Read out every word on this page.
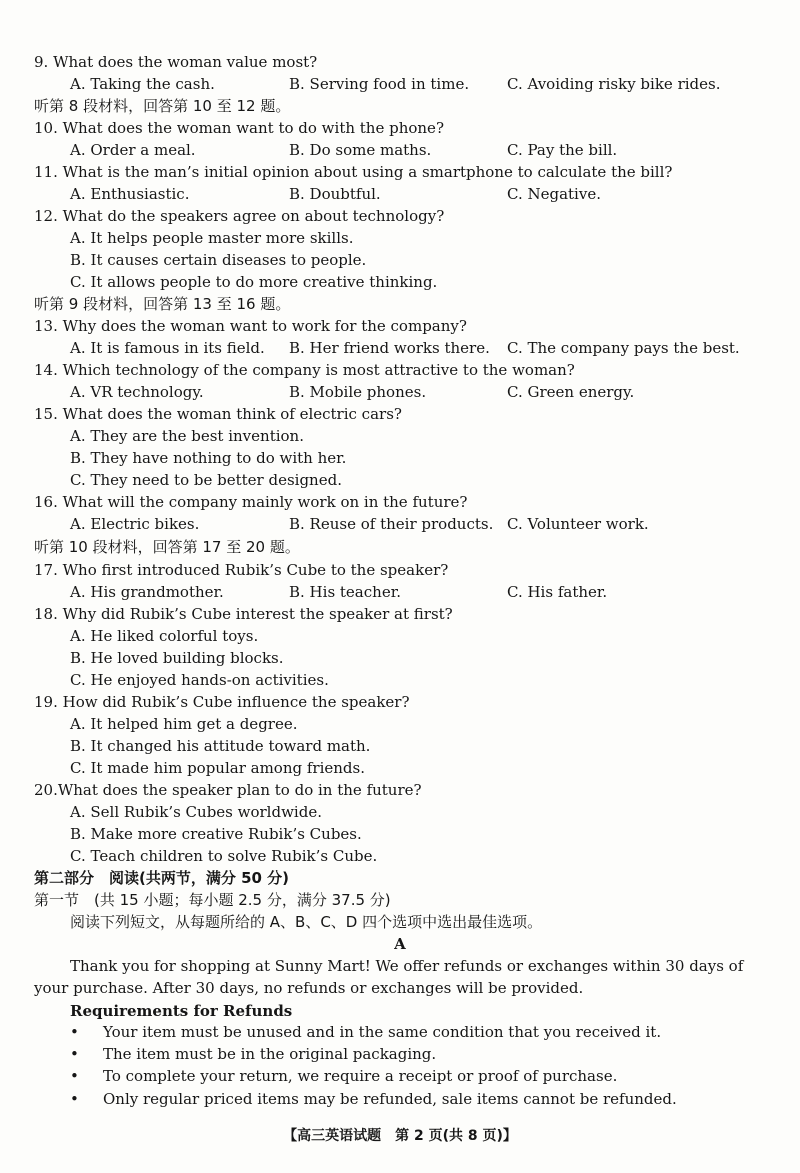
9. What does the woman value most?
A. Taking the cash.	B. Serving food in time.	C. Avoiding risky bike rides.
听第 8 段材料，回答第 10 至 12 题。
10. What does the woman want to do with the phone?
A. Order a meal.	B. Do some maths.	C. Pay the bill.
11. What is the man’s initial opinion about using a smartphone to calculate the bill?
A. Enthusiastic.	B. Doubtful.	C. Negative.
12. What do the speakers agree on about technology?
A. It helps people master more skills.
B. It causes certain diseases to people.
C. It allows people to do more creative thinking.
听第 9 段材料，回答第 13 至 16 题。
13. Why does the woman want to work for the company?
A. It is famous in its field. B. Her friend works there. C. The company pays the best.
14. Which technology of the company is most attractive to the woman?
A. VR technology.	B. Mobile phones.	C. Green energy.
15. What does the woman think of electric cars?
A. They are the best invention.
B. They have nothing to do with her.
C. They need to be better designed.
16. What will the company mainly work on in the future?
A. Electric bikes.	B. Reuse of their products. C. Volunteer work.
听第 10 段材料，回答第 17 至 20 题。
17. Who first introduced Rubik’s Cube to the speaker?
A. His grandmother.	B. His teacher.	C. His father.
18. Why did Rubik’s Cube interest the speaker at first?
A. He liked colorful toys.
B. He loved building blocks.
C. He enjoyed hands-on activities.
19. How did Rubik’s Cube influence the speaker?
A. It helped him get a degree.
B. It changed his attitude toward math.
C. It made him popular among friends.
20.What does the speaker plan to do in the future?
A. Sell Rubik’s Cubes worldwide.
B. Make more creative Rubik’s Cubes.
C. Teach children to solve Rubik’s Cube.
第二部分　阅读(共两节，满分 50 分)
第一节　(共 15 小题；每小题 2.5 分，满分 37.5 分)
阅读下列短文，从每题所给的 A、B、C、D 四个选项中选出最佳选项。
A
Thank you for shopping at Sunny Mart! We offer refunds or exchanges within 30 days of
your purchase. After 30 days, no refunds or exchanges will be provided.
Requirements for Refunds
• Your item must be unused and in the same condition that you received it.
• The item must be in the original packaging.
• To complete your return, we require a receipt or proof of purchase.
• Only regular priced items may be refunded, sale items cannot be refunded.
【高三英语试题　第 2 页(共 8 页)】
